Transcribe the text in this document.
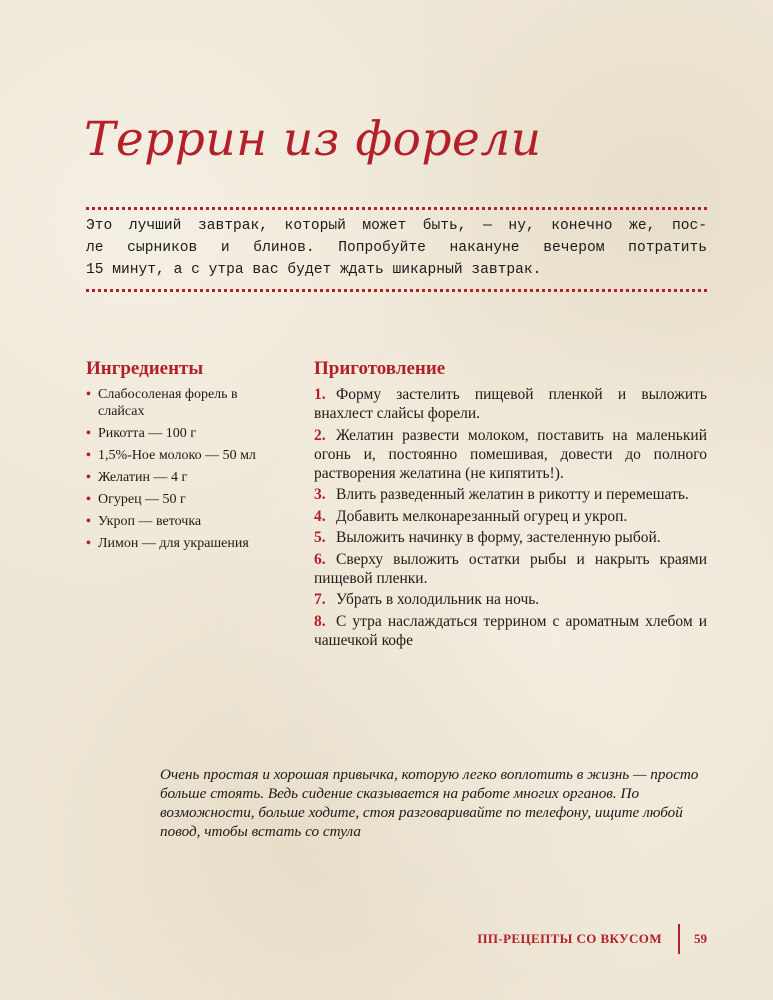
Террин из форели

Это лучший завтрак, который может быть, — ну, конечно же, пос-

ле сырников и блинов. Попробуйте накануне вечером потратить

15 минут, а с утра вас будет ждать шикарный завтрак.

Ингредиенты
• Слабосоленая форель в слайсах
• Рикотта — 100 г
• 1,5%-Ное молоко — 50 мл
• Желатин — 4 г
• Огурец — 50 г
• Укроп — веточка
• Лимон — для украшения
Приготовление
1. Форму застелить пищевой пленкой и выложить внахлест слайсы форели.
2. Желатин развести молоком, поставить на маленький огонь и, постоянно помешивая, довести до полного растворения желатина (не кипятить!).
3. Влить разведенный желатин в рикотту и перемешать.
4. Добавить мелконарезанный огурец и укроп.
5. Выложить начинку в форму, застеленную рыбой.
6. Сверху выложить остатки рыбы и накрыть краями пищевой пленки.
7. Убрать в холодильник на ночь.
8. С утра наслаждаться террином с ароматным хлебом и чашечкой кофе
Очень простая и хорошая привычка, которую легко воплотить в жизнь — просто больше стоять. Ведь сидение сказывается на работе многих органов. По возможности, больше ходите, стоя разговаривайте по телефону, ищите любой повод, чтобы встать со стула
ПП-РЕЦЕПТЫ СО ВКУСОМ 59
